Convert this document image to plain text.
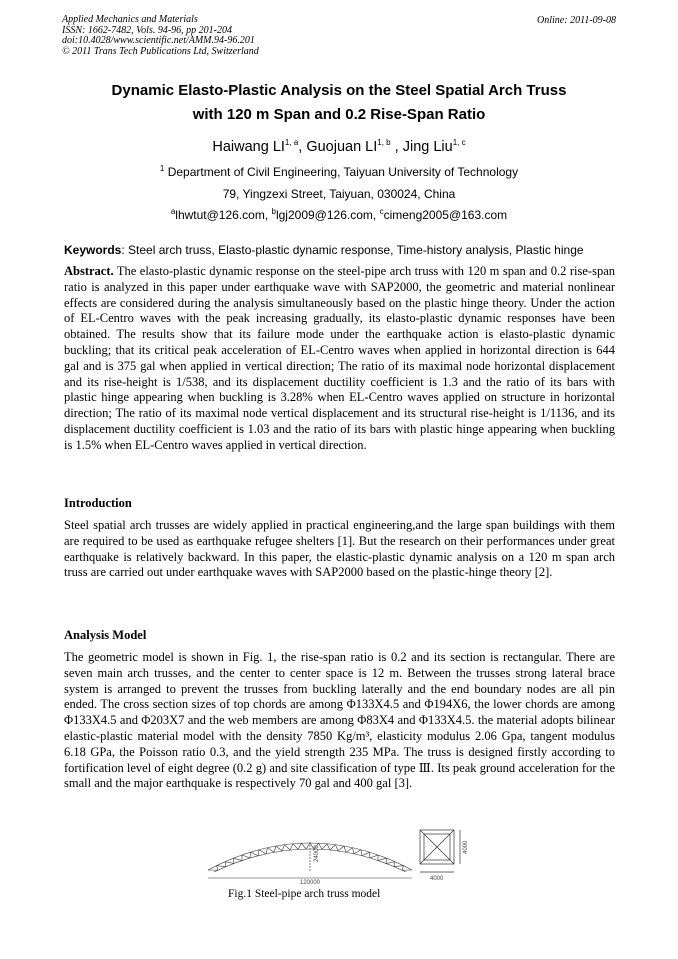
Applied Mechanics and Materials
ISSN: 1662-7482, Vols. 94-96, pp 201-204
doi:10.4028/www.scientific.net/AMM.94-96.201
© 2011 Trans Tech Publications Ltd, Switzerland
Online: 2011-09-08
Dynamic Elasto-Plastic Analysis on the Steel Spatial Arch Truss
with 120 m Span and 0.2 Rise-Span Ratio
Haiwang LI$^{1, a}$, Guojuan LI$^{1, b}$ , Jing Liu$^{1, c}$
$^1$ Department of Civil Engineering, Taiyuan University of Technology
79, Yingzexi Street, Taiyuan, 030024, China
$^a$lhwtut@126.com, $^b$lgj2009@126.com, $^c$cimeng2005@163.com
Keywords: Steel arch truss, Elasto-plastic dynamic response, Time-history analysis, Plastic hinge
Abstract. The elasto-plastic dynamic response on the steel-pipe arch truss with 120 m span and 0.2 rise-span ratio is analyzed in this paper under earthquake wave with SAP2000, the geometric and material nonlinear effects are considered during the analysis simultaneously based on the plastic hinge theory. Under the action of EL-Centro waves with the peak increasing gradually, its elasto-plastic dynamic responses have been obtained. The results show that its failure mode under the earthquake action is elasto-plastic dynamic buckling; that its critical peak acceleration of EL-Centro waves when applied in horizontal direction is 644 gal and is 375 gal when applied in vertical direction; The ratio of its maximal node horizontal displacement and its rise-height is 1/538, and its displacement ductility coefficient is 1.3 and the ratio of its bars with plastic hinge appearing when buckling is 3.28% when EL-Centro waves applied on structure in horizontal direction; The ratio of its maximal node vertical displacement and its structural rise-height is 1/1136, and its displacement ductility coefficient is 1.03 and the ratio of its bars with plastic hinge appearing when buckling is 1.5% when EL-Centro waves applied in vertical direction.
Introduction
Steel spatial arch trusses are widely applied in practical engineering,and the large span buildings with them are required to be used as earthquake refugee shelters [1]. But the research on their performances under great earthquake is relatively backward. In this paper, the elastic-plastic dynamic analysis on a 120 m span arch truss are carried out under earthquake waves with SAP2000 based on the plastic-hinge theory [2].
Analysis Model
The geometric model is shown in Fig. 1, the rise-span ratio is 0.2 and its section is rectangular. There are seven main arch trusses, and the center to center space is 12 m. Between the trusses strong lateral brace system is arranged to prevent the trusses from buckling laterally and the end boundary nodes are all pin ended. The cross section sizes of top chords are among Φ133X4.5 and Φ194X6, the lower chords are among Φ133X4.5 and Φ203X7 and the web members are among Φ83X4 and Φ133X4.5. the material adopts bilinear elastic-plastic material model with the density 7850 Kg/m³, elasticity modulus 2.06 Gpa, tangent modulus 6.18 GPa, the Poisson ratio 0.3, and the yield strength 235 MPa. The truss is designed firstly according to fortification level of eight degree (0.2 g) and site classification of type Ⅲ. Its peak ground acceleration for the small and the major earthquake is respectively 70 gal and 400 gal [3].
24000
120000
4000
4000
Fig.1 Steel-pipe arch truss model
